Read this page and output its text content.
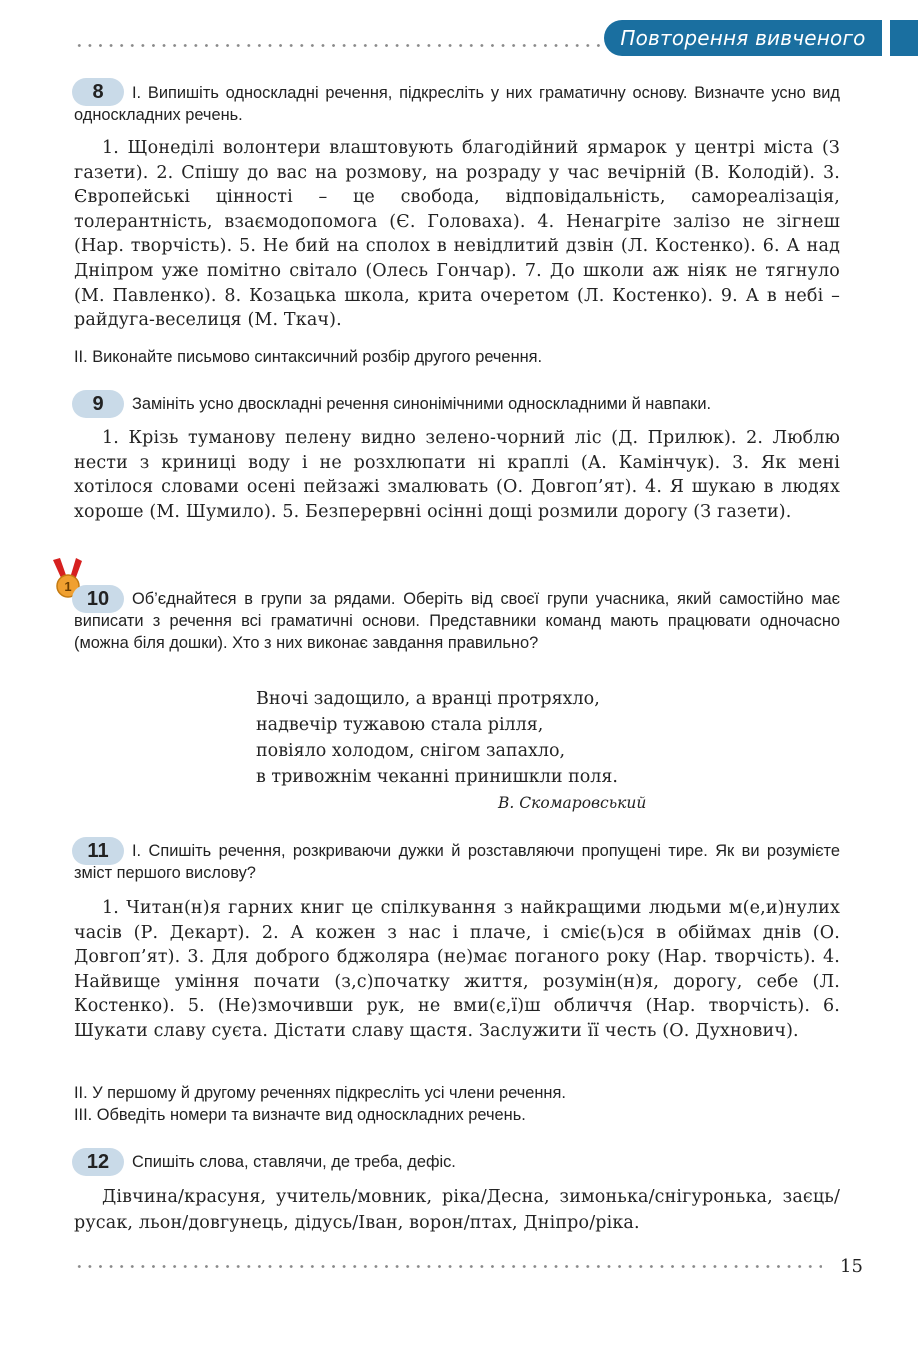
Повторення вивченого
8	І. Випишіть односкладні речення, підкресліть у них граматичну основу. Визначте усно вид односкладних речень.
1. Щонеділі волонтери влаштовують благодійний ярмарок у центрі міста (З газети). 2. Спішу до вас на розмову, на розраду у час вечірній (В. Колодій). 3. Європейські цінності – це свобода, відповідальність, самореалізація, толерантність, взаємодопомога (Є. Головаха). 4. Ненагріте залізо не зігнеш (Нар. творчість). 5. Не бий на сполох в невідлитий дзвін (Л. Костенко). 6. А над Дніпром уже помітно світало (Олесь Гончар). 7. До школи аж ніяк не тягнуло (М. Павленко). 8. Козацька школа, крита очеретом (Л. Костенко). 9. А в небі – райдуга-веселиця (М. Ткач).
ІІ. Виконайте письмово синтаксичний розбір другого речення.
9	Замініть усно двоскладні речення синонімічними односкладними й навпаки.
1. Крізь туманову пелену видно зелено-чорний ліс (Д. Прилюк). 2. Люблю нести з криниці воду і не розхлюпати ні краплі (А. Камінчук). 3. Як мені хотілося словами осені пейзажі змалювать (О. Довгоп’ят). 4. Я шукаю в людях хороше (М. Шумило). 5. Безперервні осінні дощі розмили дорогу (З газети).
1
10	Об’єднайтеся в групи за рядами. Оберіть від своєї групи учасника, який самостійно має виписати з речення всі граматичні основи. Представники команд мають працювати одночасно (можна біля дошки). Хто з них виконає завдання правильно?
Вночі задощило, а вранці протряхло,
надвечір тужавою стала рілля,
повіяло холодом, снігом запахло,
в тривожнім чеканні принишкли поля.
В. Скомаровський
11	І. Спишіть речення, розкриваючи дужки й розставляючи пропущені тире. Як ви розумієте зміст першого вислову?
1. Читан(н)я гарних книг це спілкування з найкращими людьми м(е,и)нулих часів (Р. Декарт). 2. А кожен з нас і плаче, і сміє(ь)ся в обіймах днів (О. Довгоп’ят). 3. Для доброго бджоляра (не)має поганого року (Нар. творчість). 4. Найвище уміння почати (з,с)початку життя, розумін(н)я, дорогу, себе (Л. Костенко). 5. (Не)змочивши рук, не вми(є,ї)ш обличчя (Нар. творчість). 6. Шукати славу суєта. Дістати славу щастя. Заслужити її честь (О. Духнович).
ІІ. У першому й другому реченнях підкресліть усі члени речення.
ІІІ. Обведіть номери та визначте вид односкладних речень.
12	Спишіть слова, ставлячи, де треба, дефіс.
Дівчина/красуня, учитель/мовник, ріка/Десна, зимонька/снігуронька, заєць/русак, льон/довгунець, дідусь/Іван, ворон/птах, Дніпро/ріка.
15
